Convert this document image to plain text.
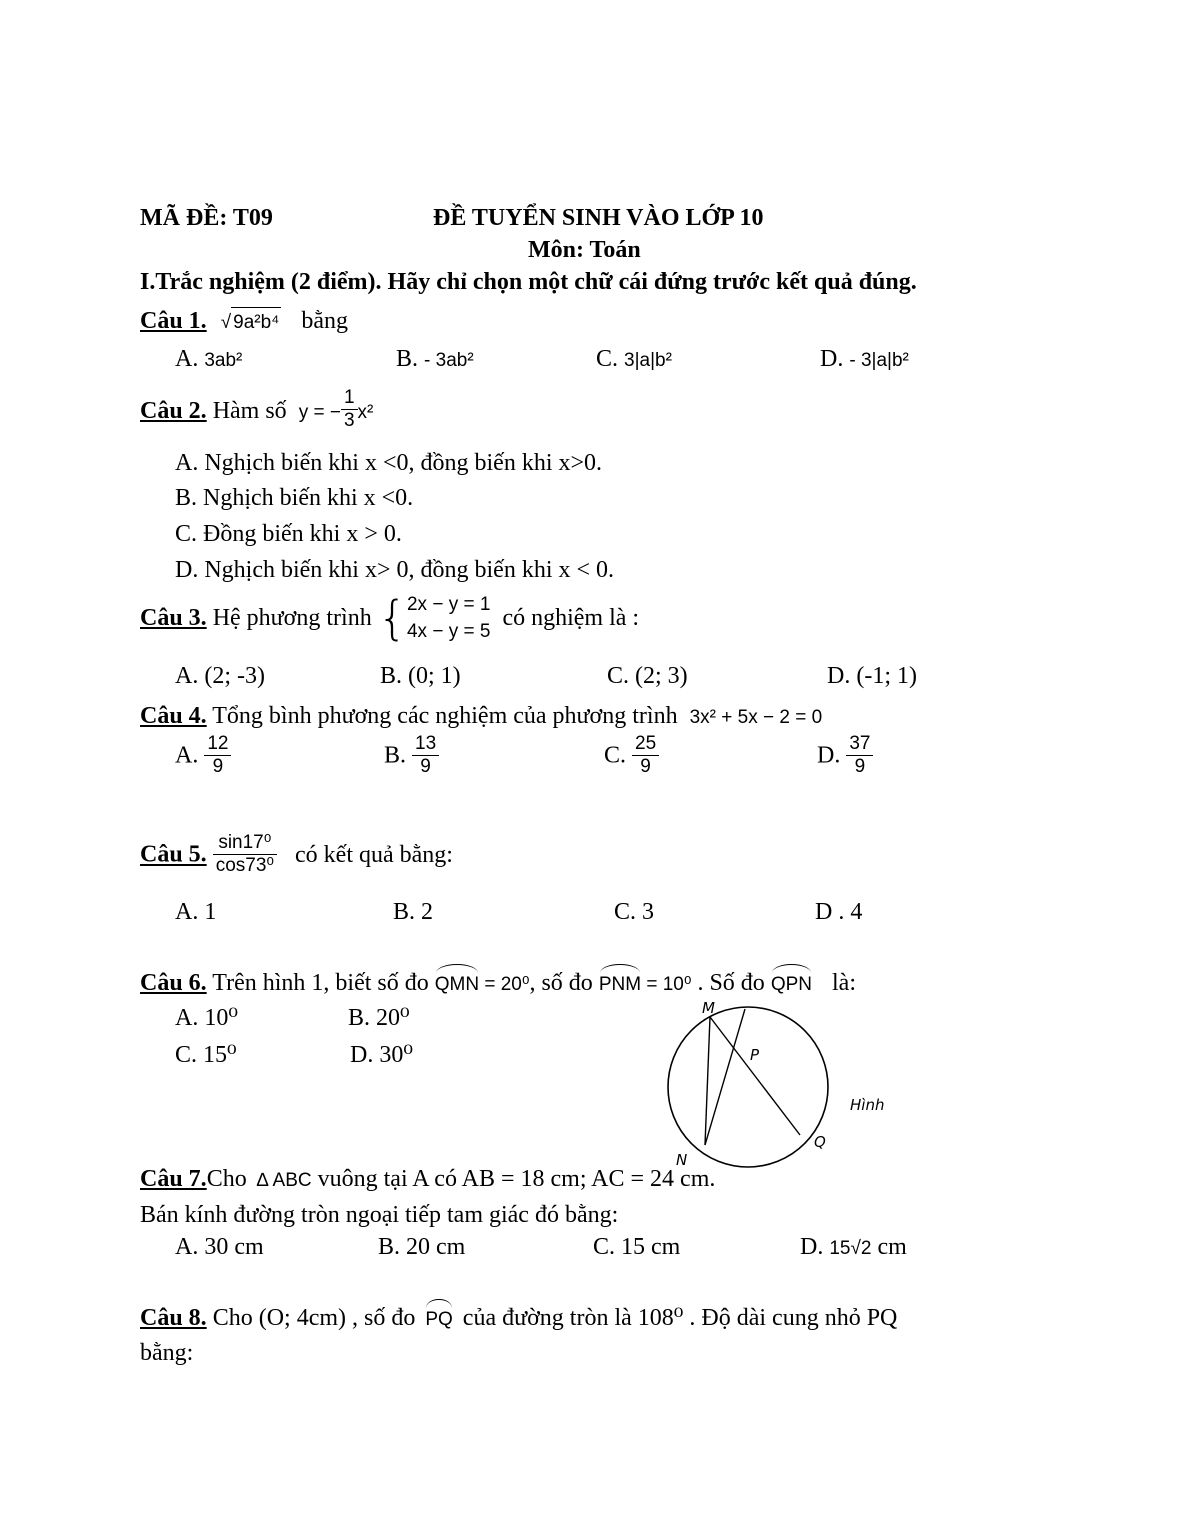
MÃ ĐỀ: T09	ĐỀ TUYỂN SINH VÀO LỚP 10
Môn: Toán
I.Trắc nghiệm (2 điểm). Hãy chỉ chọn một chữ cái đứng trước kết quả đúng.
Câu 1. √ 9a²b⁴ bằng
A. 3ab²	B. - 3ab²	C. 3|a|b²	D. - 3|a|b²
Câu 2. Hàm số y = − $\frac{1}{3} x^2$
A. Nghịch biến khi x <0, đồng biến khi x>0.
B. Nghịch biến khi x <0.
C. Đồng biến khi x > 0.
D. Nghịch biến khi x> 0, đồng biến khi x < 0.
Câu 3. Hệ phương trình { 2x − y = 1
4x − y = 5
có nghiệm là :
A. (2; -3)	B. (0; 1)	C. (2; 3)	D. (-1; 1)
Câu 4. Tổng bình phương các nghiệm của phương trình 3x² + 5x − 2 = 0
A. $\frac{12}{9}$	B. $\frac{13}{9}$	C. $\frac{25}{9}$	D. $\frac{37}{9}$
Câu 5. $\frac{\text{sin17⁰}}{\text{cos73⁰}}$ có kết quả bằng:
A. 1	B. 2	C. 3	D . 4
Câu 6. Trên hình 1, biết số đo QMN = 20⁰, số đo PNM = 10⁰ . Số đo QPN là:
A. 10⁰	B. 20⁰
C. 15⁰	D. 30⁰
M
P
N
Q
Hình
Câu 7.Cho ∆ ABC vuông tại A có AB = 18 cm; AC = 24 cm.
Bán kính đường tròn ngoại tiếp tam giác đó bằng:
A. 30 cm	B. 20 cm	C. 15 cm	D. 15√2 cm
Câu 8. Cho (O; 4cm) , số đo PQ của đường tròn là 108⁰ . Độ dài cung nhỏ PQ
bằng:
